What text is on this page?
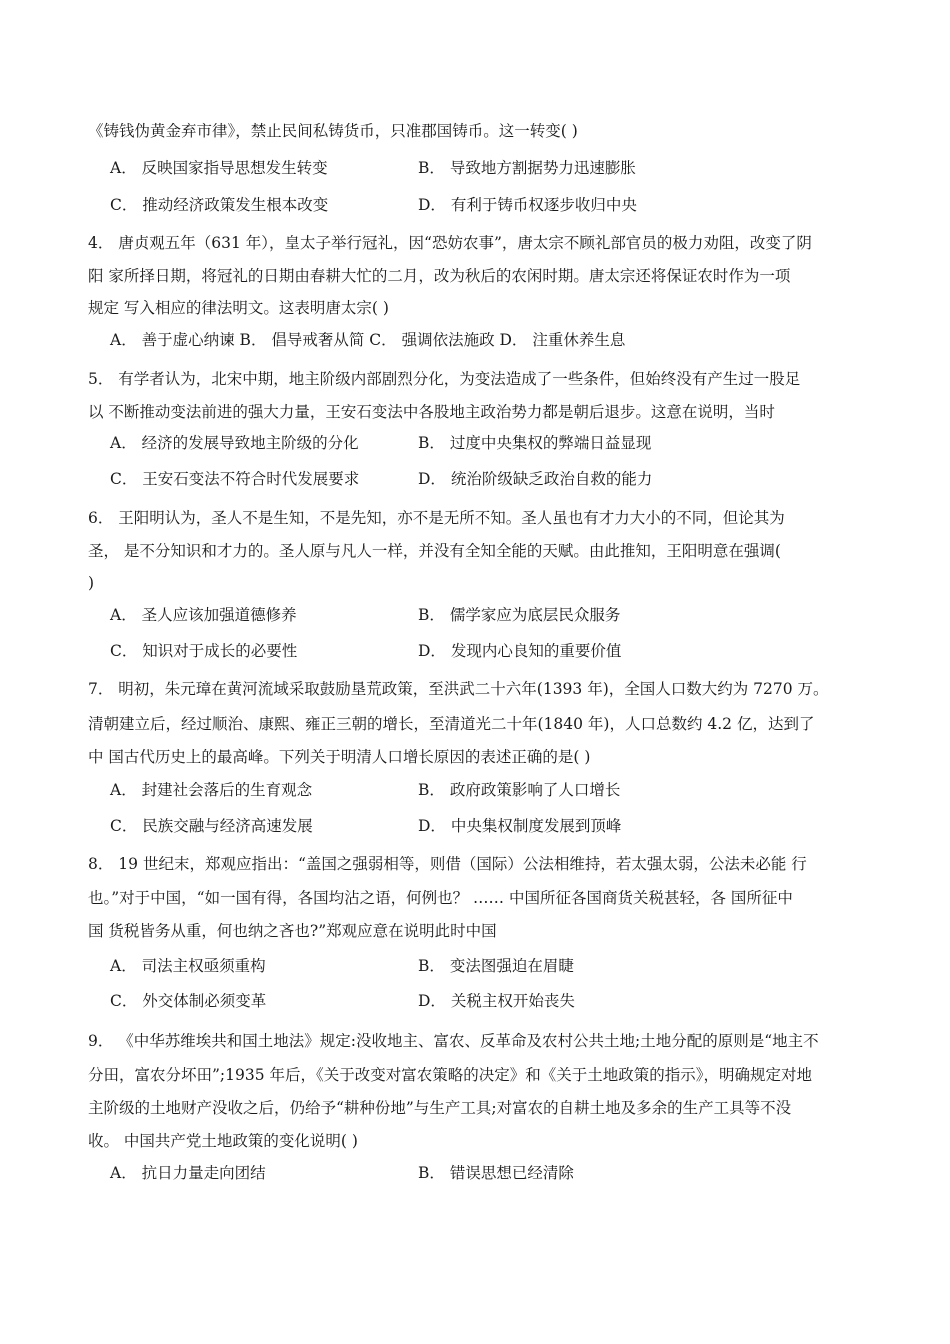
《铸钱伪黄金弃市律》，禁止民间私铸货币，只准郡国铸币。这一转变( )
A． 反映国家指导思想发生转变	B． 导致地方割据势力迅速膨胀
C． 推动经济政策发生根本改变	D． 有利于铸币权逐步收归中央
4． 唐贞观五年（631 年），皇太子举行冠礼，因“恐妨农事”，唐太宗不顾礼部官员的极力劝阻，改变了阴
阳 家所择日期，将冠礼的日期由春耕大忙的二月，改为秋后的农闲时期。唐太宗还将保证农时作为一项
规定 写入相应的律法明文。这表明唐太宗( )
A． 善于虚心纳谏 B． 倡导戒奢从简 C． 强调依法施政 D． 注重休养生息
5． 有学者认为，北宋中期，地主阶级内部剧烈分化，为变法造成了一些条件，但始终没有产生过一股足
以 不断推动变法前进的强大力量，王安石变法中各股地主政治势力都是朝后退步。这意在说明，当时
A． 经济的发展导致地主阶级的分化	B． 过度中央集权的弊端日益显现
C． 王安石变法不符合时代发展要求	D． 统治阶级缺乏政治自救的能力
6． 王阳明认为，圣人不是生知，不是先知，亦不是无所不知。圣人虽也有才力大小的不同，但论其为
圣， 是不分知识和才力的。圣人原与凡人一样，并没有全知全能的天赋。由此推知，王阳明意在强调(
)
A． 圣人应该加强道德修养	B． 儒学家应为底层民众服务
C． 知识对于成长的必要性	D． 发现内心良知的重要价值
7． 明初，朱元璋在黄河流域采取鼓励垦荒政策，至洪武二十六年(1393 年)，全国人口数大约为 7270 万。
清朝建立后，经过顺治、康熙、雍正三朝的增长，至清道光二十年(1840 年)，人口总数约 4.2 亿，达到了
中 国古代历史上的最高峰。下列关于明清人口增长原因的表述正确的是( )
A． 封建社会落后的生育观念	B． 政府政策影响了人口增长
C． 民族交融与经济高速发展	D． 中央集权制度发展到顶峰
8． 19 世纪末，郑观应指出：“盖国之强弱相等，则借（国际）公法相维持，若太强太弱，公法未必能 行
也。”对于中国，“如一国有得，各国均沾之语，何例也？ …… 中国所征各国商货关税甚轻，各 国所征中
国 货税皆务从重，何也纳之吝也?”郑观应意在说明此时中国
A． 司法主权亟须重构	B． 变法图强迫在眉睫
C． 外交体制必须变革	D． 关税主权开始丧失
9． 《中华苏维埃共和国土地法》规定:没收地主、富农、反革命及农村公共土地;土地分配的原则是“地主不
分田，富农分坏田”;1935 年后，《关于改变对富农策略的决定》和《关于土地政策的指示》，明确规定对地
主阶级的土地财产没收之后，仍给予“耕种份地”与生产工具;对富农的自耕土地及多余的生产工具等不没
收。 中国共产党土地政策的变化说明( )
A． 抗日力量走向团结	B． 错误思想已经清除
